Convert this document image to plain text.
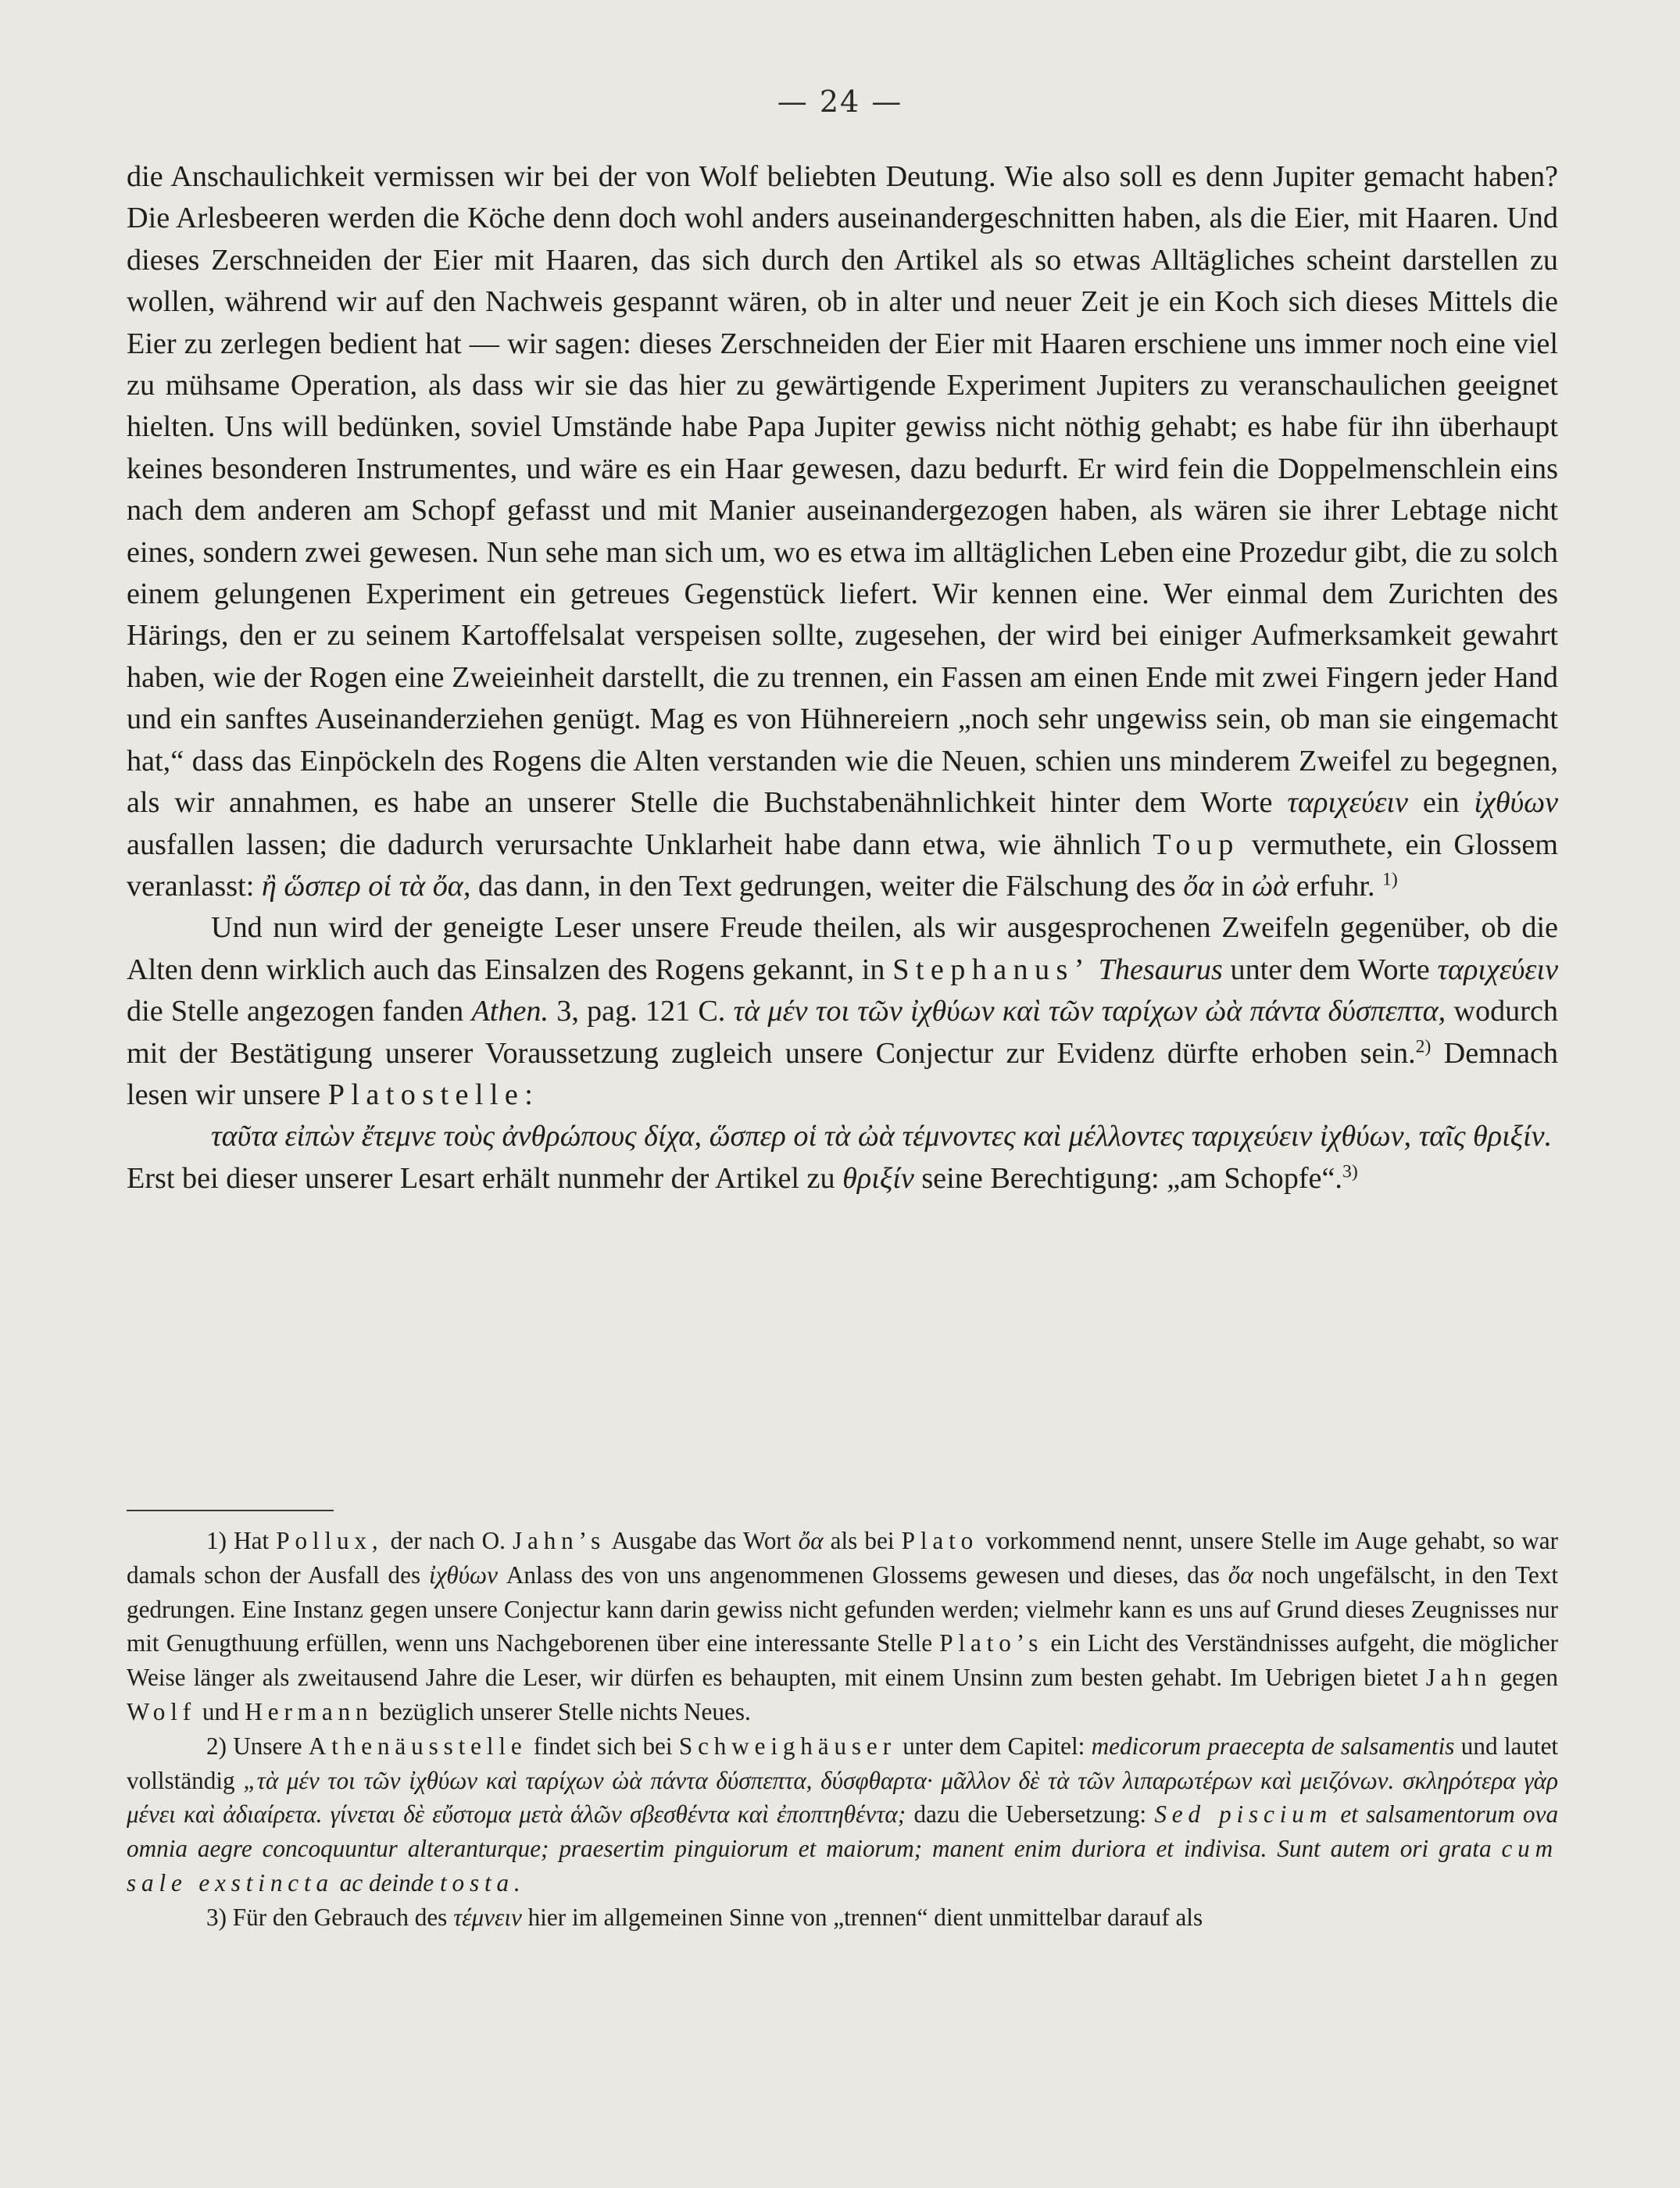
— 24 —

die Anschaulichkeit vermissen wir bei der von Wolf beliebten Deutung. Wie also soll es denn Jupiter gemacht haben? Die Arlesbeeren werden die Köche denn doch wohl anders auseinandergeschnitten haben, als die Eier, mit Haaren. Und dieses Zerschneiden der Eier mit Haaren, das sich durch den Artikel als so etwas Alltägliches scheint darstellen zu wollen, während wir auf den Nachweis gespannt wären, ob in alter und neuer Zeit je ein Koch sich dieses Mittels die Eier zu zerlegen bedient hat — wir sagen: dieses Zerschneiden der Eier mit Haaren erschiene uns immer noch eine viel zu mühsame Operation, als dass wir sie das hier zu gewärtigende Experiment Jupiters zu veranschaulichen geeignet hielten. Uns will bedünken, soviel Umstände habe Papa Jupiter gewiss nicht nöthig gehabt; es habe für ihn überhaupt keines besonderen Instrumentes, und wäre es ein Haar gewesen, dazu bedurft. Er wird fein die Doppelmenschlein eins nach dem anderen am Schopf gefasst und mit Manier auseinandergezogen haben, als wären sie ihrer Lebtage nicht eines, sondern zwei gewesen. Nun sehe man sich um, wo es etwa im alltäglichen Leben eine Prozedur gibt, die zu solch einem gelungenen Experiment ein getreues Gegenstück liefert. Wir kennen eine. Wer einmal dem Zurichten des Härings, den er zu seinem Kartoffelsalat verspeisen sollte, zugesehen, der wird bei einiger Aufmerksamkeit gewahrt haben, wie der Rogen eine Zweieinheit darstellt, die zu trennen, ein Fassen am einen Ende mit zwei Fingern jeder Hand und ein sanftes Auseinanderziehen genügt. Mag es von Hühnereiern „noch sehr ungewiss sein, ob man sie eingemacht hat,“ dass das Einpöckeln des Rogens die Alten verstanden wie die Neuen, schien uns minderem Zweifel zu begegnen, als wir annahmen, es habe an unserer Stelle die Buchstabenähnlichkeit hinter dem Worte ταριχεύειν ein ἰχθύων ausfallen lassen; die dadurch verursachte Unklarheit habe dann etwa, wie ähnlich Toup vermuthete, ein Glossem veranlasst: ἢ ὥσπερ οἱ τὰ ὄα, das dann, in den Text gedrungen, weiter die Fälschung des ὄα in ὠὰ erfuhr. $^{1)}$

Und nun wird der geneigte Leser unsere Freude theilen, als wir ausgesprochenen Zweifeln gegenüber, ob die Alten denn wirklich auch das Einsalzen des Rogens gekannt, in Stephanus’ Thesaurus unter dem Worte ταριχεύειν die Stelle angezogen fanden Athen. 3, pag. 121 C. τὰ μέν τοι τῶν ἰχθύων καὶ τῶν ταρίχων ὠὰ πάντα δύσπεπτα, wodurch mit der Bestätigung unserer Voraussetzung zugleich unsere Conjectur zur Evidenz dürfte erhoben sein.$^{2)}$ Demnach lesen wir unsere Platostelle:

ταῦτα εἰπὼν ἔτεμνε τοὺς ἀνθρώπους δίχα, ὥσπερ οἱ τὰ ὠὰ τέμνοντες καὶ μέλλοντες ταριχεύειν ἰχθύων, ταῖς θριξίν.

Erst bei dieser unserer Lesart erhält nunmehr der Artikel zu θριξίν seine Berechtigung: „am Schopfe“.$^{3)}$

1) Hat Pollux, der nach O. Jahn’s Ausgabe das Wort ὄα als bei Plato vorkommend nennt, unsere Stelle im Auge gehabt, so war damals schon der Ausfall des ἰχθύων Anlass des von uns angenommenen Glossems gewesen und dieses, das ὄα noch ungefälscht, in den Text gedrungen. Eine Instanz gegen unsere Conjectur kann darin gewiss nicht gefunden werden; vielmehr kann es uns auf Grund dieses Zeugnisses nur mit Genugthuung erfüllen, wenn uns Nachgeborenen über eine interessante Stelle Plato’s ein Licht des Verständnisses aufgeht, die möglicher Weise länger als zweitausend Jahre die Leser, wir dürfen es behaupten, mit einem Unsinn zum besten gehabt. Im Uebrigen bietet Jahn gegen Wolf und Hermann bezüglich unserer Stelle nichts Neues.

2) Unsere Athenäusstelle findet sich bei Schweighäuser unter dem Capitel: medicorum praecepta de salsamentis und lautet vollständig „τὰ μέν τοι τῶν ἰχθύων καὶ ταρίχων ὠὰ πάντα δύσπεπτα, δύσφθαρτα· μᾶλλον δὲ τὰ τῶν λιπαρωτέρων καὶ μειζόνων. σκληρότερα γὰρ μένει καὶ ἀδιαίρετα. γίνεται δὲ εὔστομα μετὰ ἁλῶν σβεσθέντα καὶ ἐποπτηθέντα; dazu die Uebersetzung: Sed piscium et salsamentorum ova omnia aegre concoquuntur alteranturque; praesertim pinguiorum et maiorum; manent enim duriora et indivisa. Sunt autem ori grata cum sale exstincta ac deinde tosta.

3) Für den Gebrauch des τέμνειν hier im allgemeinen Sinne von „trennen“ dient unmittelbar darauf als
